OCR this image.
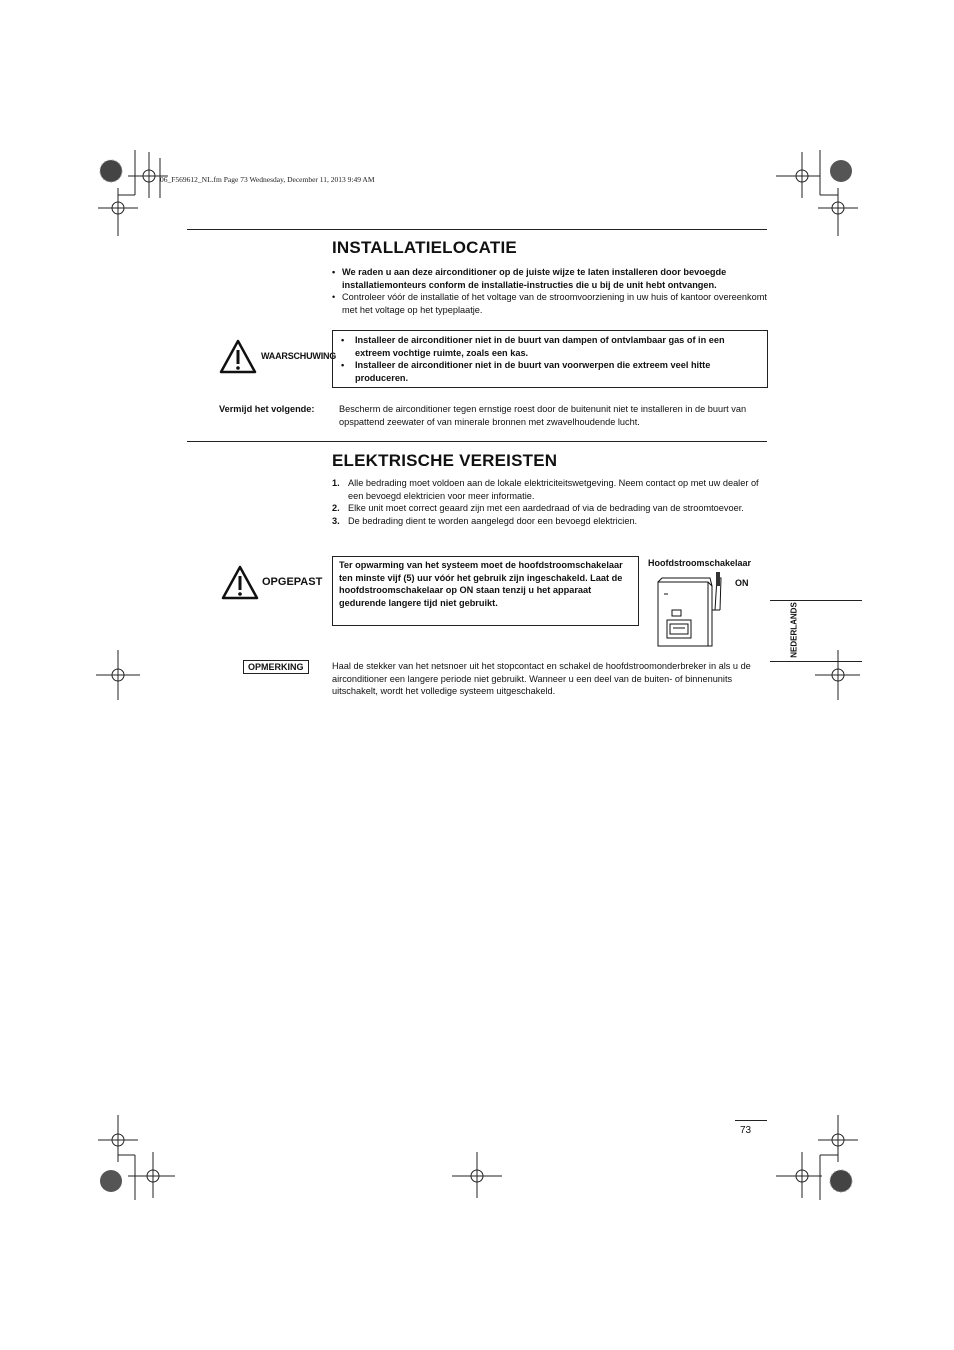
06_F569612_NL.fm Page 73 Wednesday, December 11, 2013 9:49 AM
INSTALLATIELOCATIE
• We raden u aan deze airconditioner op de juiste wijze te laten installeren door bevoegde installatiemonteurs conform de installatie-instructies die u bij de unit hebt ontvangen.
• Controleer vóór de installatie of het voltage van de stroomvoorziening in uw huis of kantoor overeenkomt met het voltage op het typeplaatje.
WAARSCHUWING
•	Installeer de airconditioner niet in de buurt van dampen of ontvlambaar gas of in een extreem vochtige ruimte, zoals een kas.
•	Installeer de airconditioner niet in de buurt van voorwerpen die extreem veel hitte produceren.
Vermijd het volgende:	Bescherm de airconditioner tegen ernstige roest door de buitenunit niet te installeren in de buurt van opspattend zeewater of van minerale bronnen met zwavelhoudende lucht.
ELEKTRISCHE VEREISTEN
1. Alle bedrading moet voldoen aan de lokale elektriciteitswetgeving. Neem contact op met uw dealer of een bevoegd elektricien voor meer informatie.
2. Elke unit moet correct geaard zijn met een aardedraad of via de bedrading van de stroomtoevoer.
3. De bedrading dient te worden aangelegd door een bevoegd elektricien.
OPGEPAST
Ter opwarming van het systeem moet de hoofdstroomschakelaar ten minste vijf (5) uur vóór het gebruik zijn ingeschakeld. Laat de hoofdstroomschakelaar op ON staan tenzij u het apparaat gedurende langere tijd niet gebruikt.
Hoofdstroomschakelaar
ON
NEDERLANDS
OPMERKING	Haal de stekker van het netsnoer uit het stopcontact en schakel de hoofdstroomonderbreker in als u de airconditioner een langere periode niet gebruikt. Wanneer u een deel van de buiten- of binnenunits uitschakelt, wordt het volledige systeem uitgeschakeld.
73
